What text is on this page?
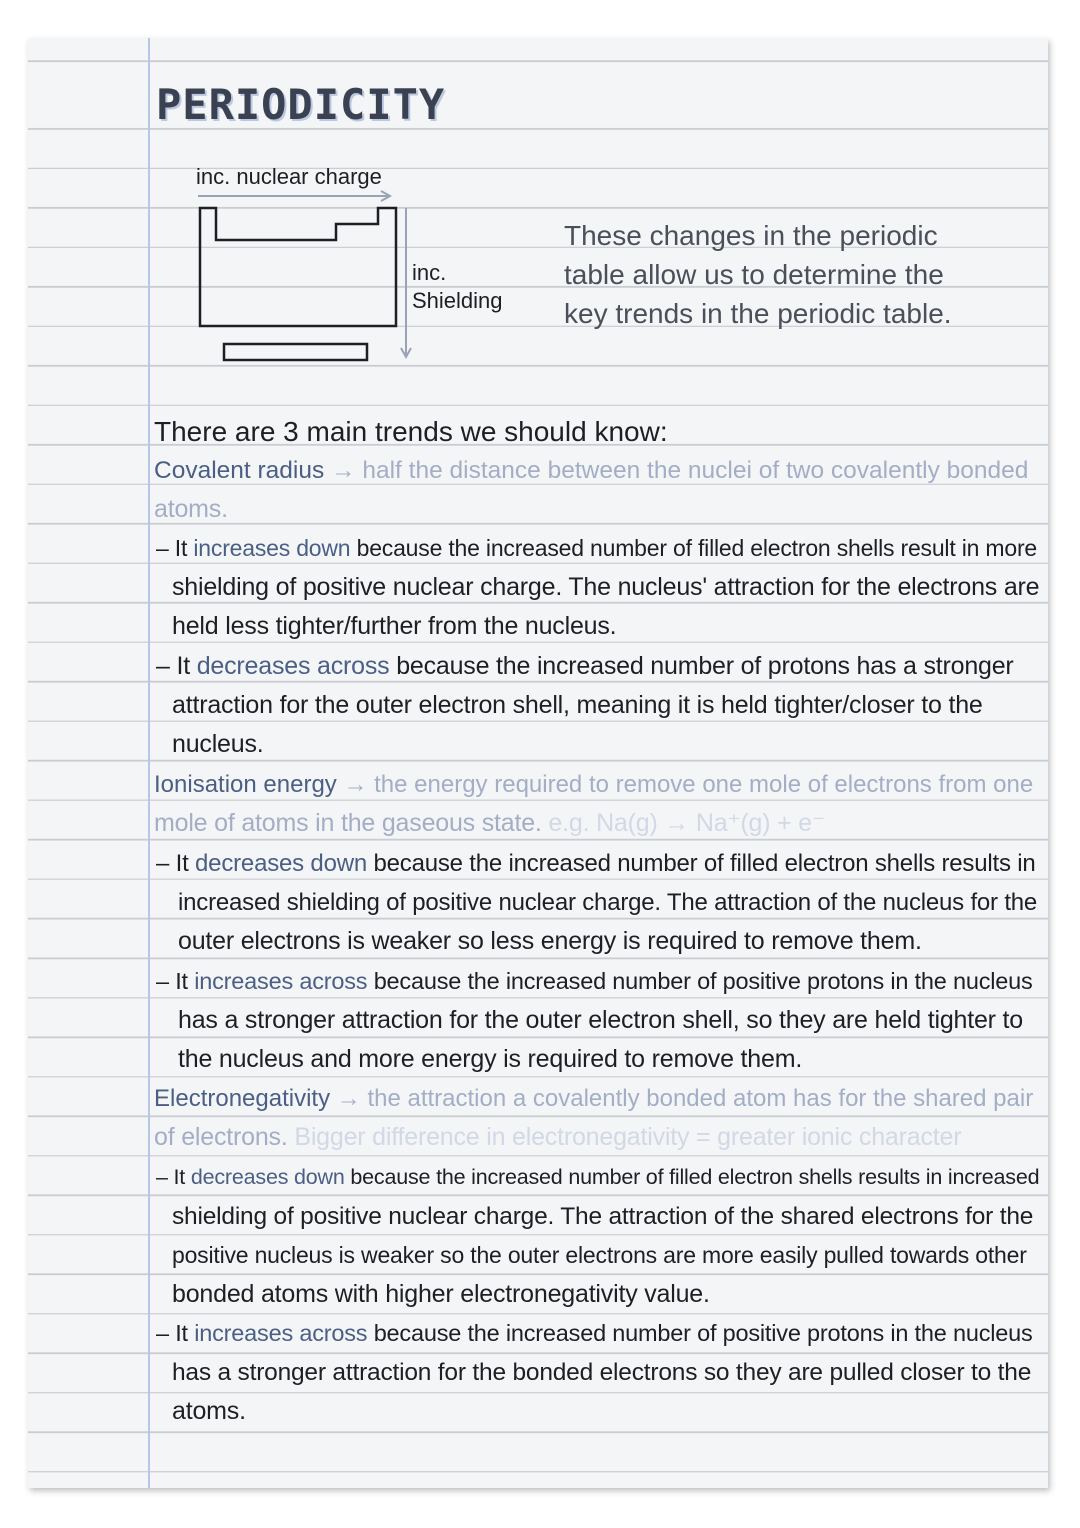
PERIODICITY
inc. nuclear charge
inc.
Shielding
These changes in the periodic
table allow us to determine the
key trends in the periodic table.
There are 3 main trends we should know:
Covalent radius → half the distance between the nuclei of two covalently bonded
atoms.
– It increases down because the increased number of filled electron shells result in more
shielding of positive nuclear charge. The nucleus' attraction for the electrons are
held less tighter/further from the nucleus.
– It decreases across because the increased number of protons has a stronger
attraction for the outer electron shell, meaning it is held tighter/closer to the
nucleus.
Ionisation energy → the energy required to remove one mole of electrons from one
mole of atoms in the gaseous state. e.g. Na(g) → Na⁺(g) + e⁻
– It decreases down because the increased number of filled electron shells results in
increased shielding of positive nuclear charge. The attraction of the nucleus for the
outer electrons is weaker so less energy is required to remove them.
– It increases across because the increased number of positive protons in the nucleus
has a stronger attraction for the outer electron shell, so they are held tighter to
the nucleus and more energy is required to remove them.
Electronegativity → the attraction a covalently bonded atom has for the shared pair
of electrons. Bigger difference in electronegativity = greater ionic character
– It decreases down because the increased number of filled electron shells results in increased
shielding of positive nuclear charge. The attraction of the shared electrons for the
positive nucleus is weaker so the outer electrons are more easily pulled towards other
bonded atoms with higher electronegativity value.
– It increases across because the increased number of positive protons in the nucleus
has a stronger attraction for the bonded electrons so they are pulled closer to the
atoms.
